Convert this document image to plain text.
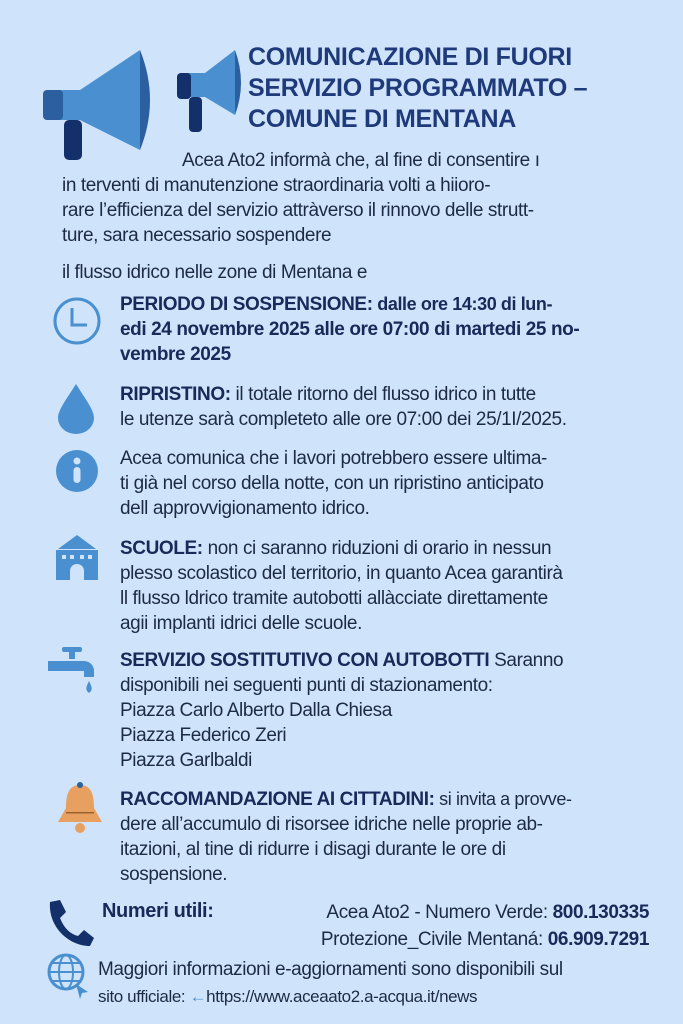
COMUNICAZIONE DI FUORI
SERVIZIO PROGRAMMATO –
COMUNE DI MENTANA
Acea Ato2 informà che, al fine di consentire ı
in terventi di manutenzione straordinaria volti a hiioro-
rare l’efficienza del servizio attràverso il rinnovo delle strutt-
ture, sara necessario sospendere
il flusso idrico nelle zone di Mentana e
PERIODO DI SOSPENSIONE: dalle ore 14:30 di lun-
edi 24 novembre 2025 alle ore 07:00 di martedi 25 no-
vembre 2025
RIPRISTINO: il totale ritorno del flusso idrico in tutte
le utenze sarà completeto alle ore 07:00 dei 25/1I/2025.
Acea comunica che i lavori potrebbero essere ultima-
ti già nel corso della notte, con un ripristino anticipato
dell approvvigionamento idrico.
SCUOLE: non ci saranno riduzioni di orario in nessun
plesso scolastico del territorio, in quanto Acea garantirà
ll flusso ldrico tramite autobotti allàcciate direttamente
agii implanti idrici delle scuole.
SERVIZIO SOSTITUTIVO CON AUTOBOTTI Saranno
disponibili nei seguenti punti di stazionamento:
Piazza Carlo Alberto Dalla Chiesa
Piazza Federico Zeri
Piazza Garlbaldi
RACCOMANDAZIONE AI CITTADINI: si invita a provve-
dere all’accumulo di risorsee idriche nelle proprie ab-
itazioni, al tine di ridurre i disagi durante le ore di
sospensione.
Numeri utili:	Acea Ato2 - Numero Verde: 800.130335
Protezione_Civile Mentaná: 06.909.7291
Maggiori informazioni e-aggiornamenti sono disponibili sul
sito ufficiale: ←https://www.aceaato2.a-acqua.it/news
